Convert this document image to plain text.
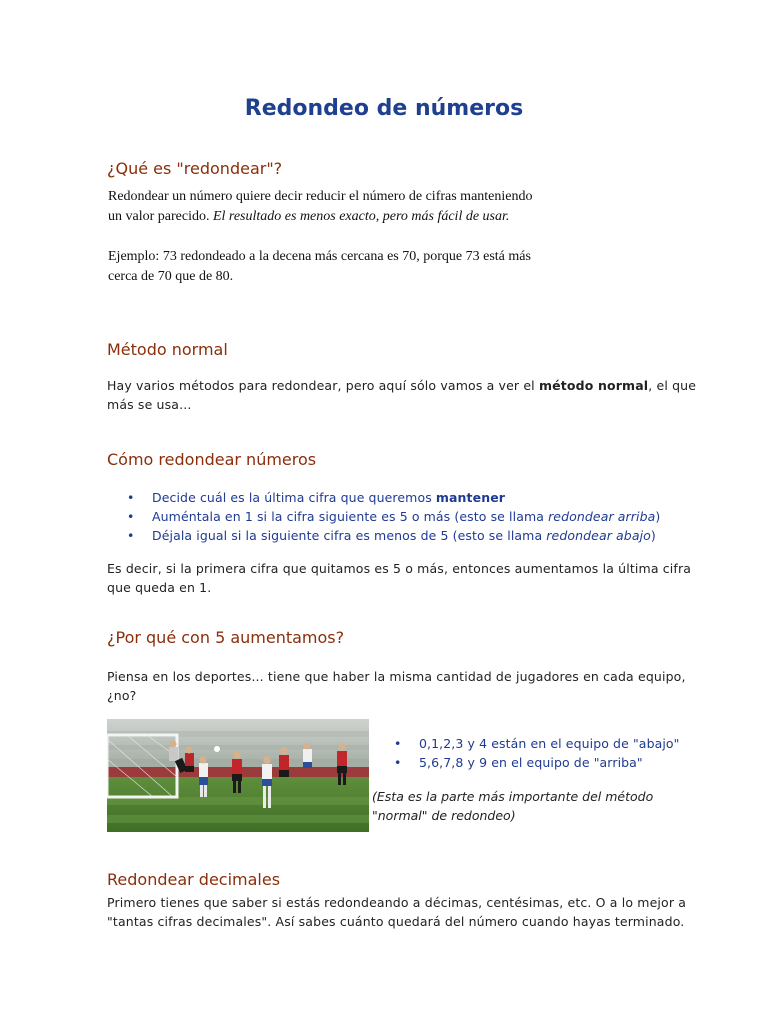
Redondeo de números
¿Qué es "redondear"?

Redondear un número quiere decir reducir el número de cifras manteniendo

un valor parecido. El resultado es menos exacto, pero más fácil de usar.

Ejemplo: 73 redondeado a la decena más cercana es 70, porque 73 está más

cerca de 70 que de 80.

Método normal

Hay varios métodos para redondear, pero aquí sólo vamos a ver el método normal, el que

más se usa...

Cómo redondear números
• Decide cuál es la última cifra que queremos mantener
• Auméntala en 1 si la cifra siguiente es 5 o más (esto se llama redondear arriba)
• Déjala igual si la siguiente cifra es menos de 5 (esto se llama redondear abajo)

Es decir, si la primera cifra que quitamos es 5 o más, entonces aumentamos la última cifra

que queda en 1.

¿Por qué con 5 aumentamos?

Piensa en los deportes... tiene que haber la misma cantidad de jugadores en cada equipo,

¿no?

• 0,1,2,3 y 4 están en el equipo de "abajo"
• 5,6,7,8 y 9 en el equipo de "arriba"

(Esta es la parte más importante del método
"normal" de redondeo)

Redondear decimales

Primero tienes que saber si estás redondeando a décimas, centésimas, etc. O a lo mejor a

"tantas cifras decimales". Así sabes cuánto quedará del número cuando hayas terminado.
